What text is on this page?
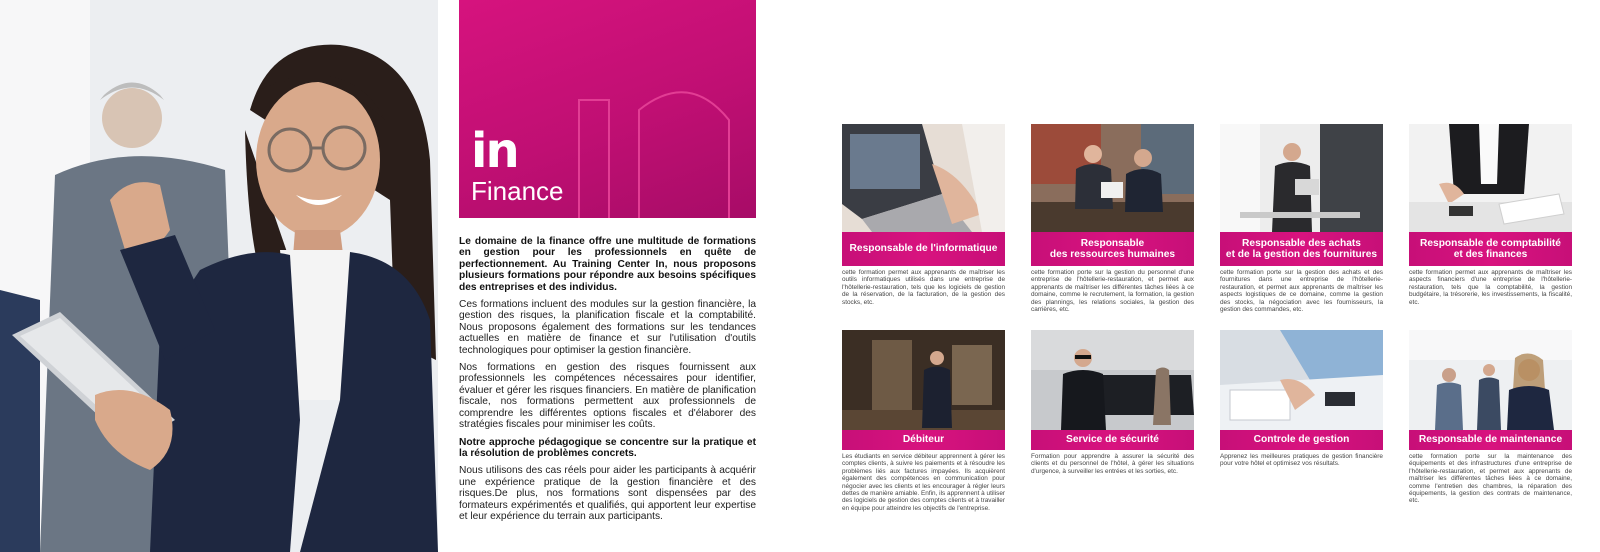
in
Finance

Le domaine de la finance offre une multitude de formations en gestion pour les professionnels en quête de perfectionnement. Au Training Center In, nous proposons plusieurs formations pour répondre aux besoins spécifiques des entreprises et des individus.

Ces formations incluent des modules sur la gestion financière, la gestion des risques, la planification fiscale et la comptabilité. Nous proposons également des formations sur les tendances actuelles en matière de finance et sur l'utilisation d'outils technologiques pour optimiser la gestion financière.

Nos formations en gestion des risques fournissent aux professionnels les compétences nécessaires pour identifier, évaluer et gérer les risques financiers. En matière de planification fiscale, nos formations permettent aux professionnels de comprendre les différentes options fiscales et d'élaborer des stratégies fiscales pour minimiser les coûts.

Notre approche pédagogique se concentre sur la pratique et la résolution de problèmes concrets.

Nous utilisons des cas réels pour aider les participants à acquérir une expérience pratique de la gestion financière et des risques.De plus, nos formations sont dispensées par des formateurs expérimentés et qualifiés, qui apportent leur expertise et leur expérience du terrain aux participants.

Responsable de l'informatique
cette formation permet aux apprenants de maîtriser les outils informatiques utilisés dans une entreprise de l'hôtellerie-restauration, tels que les logiciels de gestion de la réservation, de la facturation, de la gestion des stocks, etc.
Responsable
des ressources humaines
cette formation porte sur la gestion du personnel d'une entreprise de l'hôtellerie-restauration, et permet aux apprenants de maîtriser les différentes tâches liées à ce domaine, comme le recrutement, la formation, la gestion des plannings, les relations sociales, la gestion des carrières, etc.
Responsable des achats
et de la gestion des fournitures
cette formation porte sur la gestion des achats et des fournitures dans une entreprise de l'hôtellerie-restauration, et permet aux apprenants de maîtriser les aspects logistiques de ce domaine, comme la gestion des stocks, la négociation avec les fournisseurs, la gestion des commandes, etc.
Responsable de comptabilité
et des finances
cette formation permet aux apprenants de maîtriser les aspects financiers d'une entreprise de l'hôtellerie-restauration, tels que la comptabilité, la gestion budgétaire, la trésorerie, les investissements, la fiscalité, etc.
Débiteur
Les étudiants en service débiteur apprennent à gérer les comptes clients, à suivre les paiements et à résoudre les problèmes liés aux factures impayées. Ils acquièrent également des compétences en communication pour négocier avec les clients et les encourager à régler leurs dettes de manière amiable. Enfin, ils apprennent à utiliser des logiciels de gestion des comptes clients et à travailler en équipe pour atteindre les objectifs de l'entreprise.
Service de sécurité
Formation pour apprendre à assurer la sécurité des clients et du personnel de l'hôtel, à gérer les situations d'urgence, à surveiller les entrées et les sorties, etc.
Controle de gestion
Apprenez les meilleures pratiques de gestion financière pour votre hôtel et optimisez vos résultats.
Responsable de maintenance
cette formation porte sur la maintenance des équipements et des infrastructures d'une entreprise de l'hôtellerie-restauration, et permet aux apprenants de maîtriser les différentes tâches liées à ce domaine, comme l'entretien des chambres, la réparation des équipements, la gestion des contrats de maintenance, etc.
